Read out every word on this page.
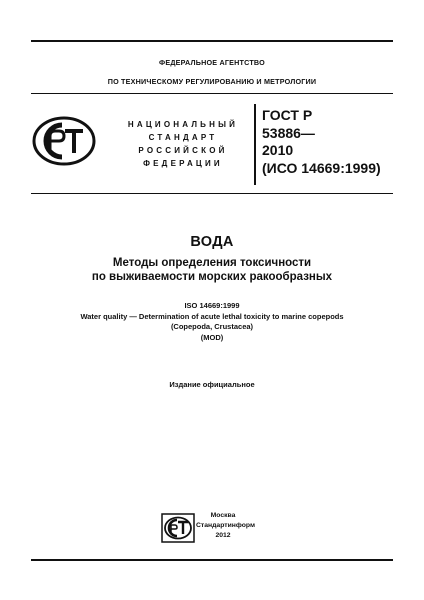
ФЕДЕРАЛЬНОЕ АГЕНТСТВО
ПО ТЕХНИЧЕСКОМУ РЕГУЛИРОВАНИЮ И МЕТРОЛОГИИ
НАЦИОНАЛЬНЫЙ
СТАНДАРТ
РОССИЙСКОЙ
ФЕДЕРАЦИИ
ГОСТ Р
53886—
2010
(ИСО 14669:1999)
ВОДА
Методы определения токсичности
по выживаемости морских ракообразных
ISO 14669:1999
Water quality — Determination of acute lethal toxicity to marine copepods
(Copepoda, Crustacea)
(MOD)
Издание официальное
Москва
Стандартинформ
2012
